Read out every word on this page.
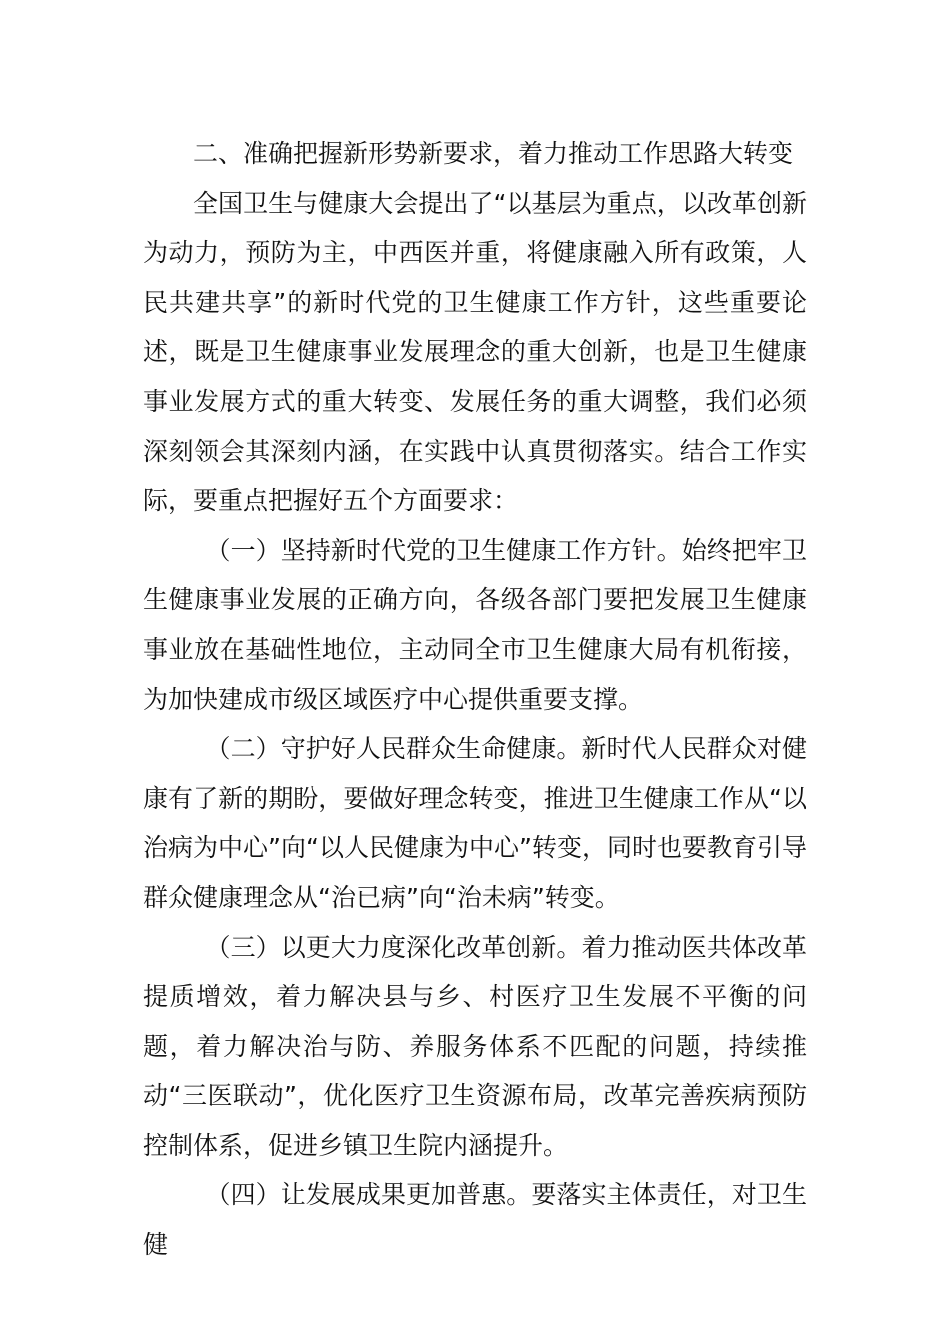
二、准确把握新形势新要求，着力推动工作思路大转变

全国卫生与健康大会提出了“以基层为重点，以改革创新为动力，预防为主，中西医并重，将健康融入所有政策，人民共建共享”的新时代党的卫生健康工作方针，这些重要论述，既是卫生健康事业发展理念的重大创新，也是卫生健康事业发展方式的重大转变、发展任务的重大调整，我们必须深刻领会其深刻内涵，在实践中认真贯彻落实。结合工作实际，要重点把握好五个方面要求：

（一）坚持新时代党的卫生健康工作方针。始终把牢卫生健康事业发展的正确方向，各级各部门要把发展卫生健康事业放在基础性地位，主动同全市卫生健康大局有机衔接，为加快建成市级区域医疗中心提供重要支撑。

（二）守护好人民群众生命健康。新时代人民群众对健康有了新的期盼，要做好理念转变，推进卫生健康工作从“以治病为中心”向“以人民健康为中心”转变，同时也要教育引导群众健康理念从“治已病”向“治未病”转变。

（三）以更大力度深化改革创新。着力推动医共体改革提质增效，着力解决县与乡、村医疗卫生发展不平衡的问题，着力解决治与防、养服务体系不匹配的问题，持续推动“三医联动”，优化医疗卫生资源布局，改革完善疾病预防控制体系，促进乡镇卫生院内涵提升。

（四）让发展成果更加普惠。要落实主体责任，对卫生健
